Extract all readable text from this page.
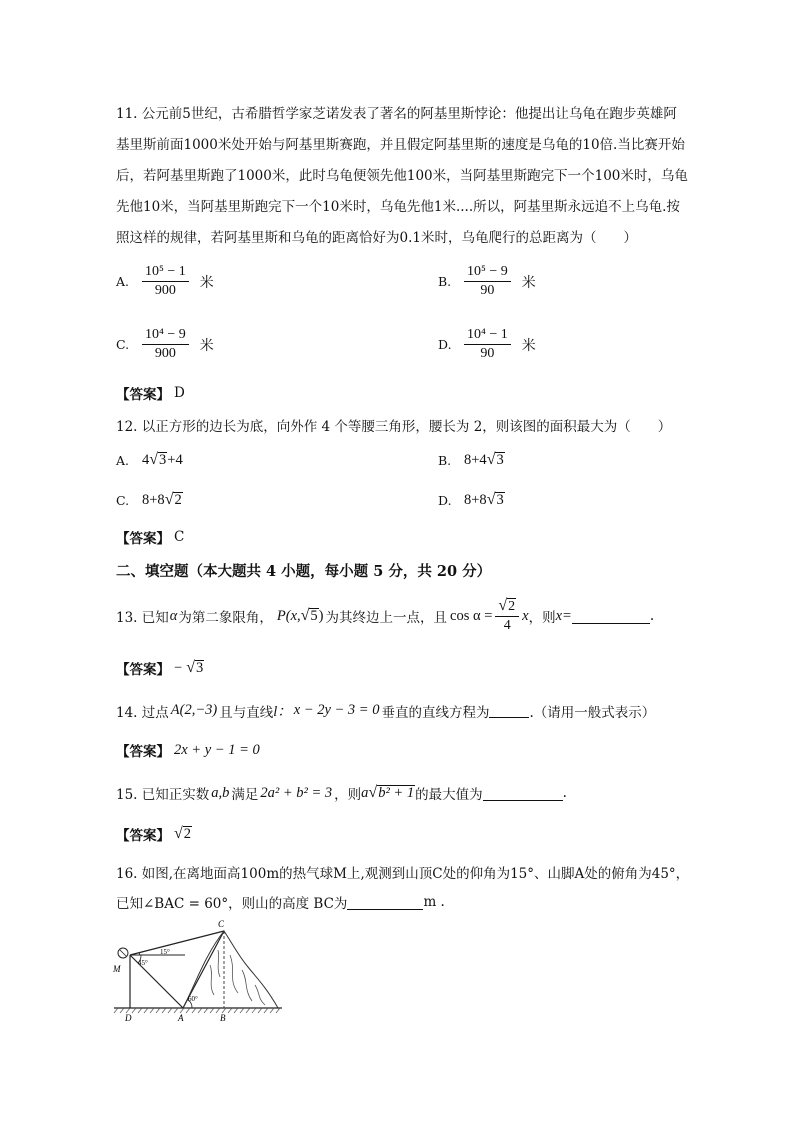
11. 公元前5世纪，古希腊哲学家芝诺发表了著名的阿基里斯悖论：他提出让乌龟在跑步英雄阿
基里斯前面1000米处开始与阿基里斯赛跑，并且假定阿基里斯的速度是乌龟的10倍.当比赛开始
后，若阿基里斯跑了1000米，此时乌龟便领先他100米，当阿基里斯跑完下一个100米时，乌龟
先他10米，当阿基里斯跑完下一个10米时，乌龟先他1米....所以，阿基里斯永远追不上乌龟.按
照这样的规律，若阿基里斯和乌龟的距离恰好为0.1米时，乌龟爬行的总距离为（　　）
A. $\frac{\text{10⁵ − 1}}{900}$ 米	B. $\frac{\text{10⁵ − 9}}{90}$ 米
C. $\frac{\text{10⁴ − 9}}{900}$ 米	D. $\frac{\text{10⁴ − 1}}{90}$ 米
【答案】 D
12. 以正方形的边长为底，向外作 4 个等腰三角形，腰长为 2，则该图的面积最大为（　　）
A. 4 √ 3 +4	B. 8+4 √ 3
C. 8+8 √ 2	D. 8+8 √ 3
【答案】 C
二、填空题（本大题共 4 小题，每小题 5 分，共 20 分）
13. 已知 α 为第二象限角， P(x, √ 5 ) 为其终边上一点，且 $\cos \alpha = \frac{√ 2}{4}$ x ，则 x=	.
【答案】 − √ 3
14. 过点 A(2,−3) 且与直线 l： x − 2y − 3 = 0 垂直的直线方程为	.（请用一般式表示）
【答案】 2x + y − 1 = 0
15. 已知正实数 a,b 满足 2a² + b² = 3 ，则 a √ b² + 1 的最大值为	.
【答案】 √ 2
16. 如图,在离地面高100m的热气球M上,观测到山顶C处的仰角为15°、山脚A处的俯角为45°，
已知∠BAC = 60°，则山的高度 BC为	m .
C
M
D	A	B
15°
45°
60°
